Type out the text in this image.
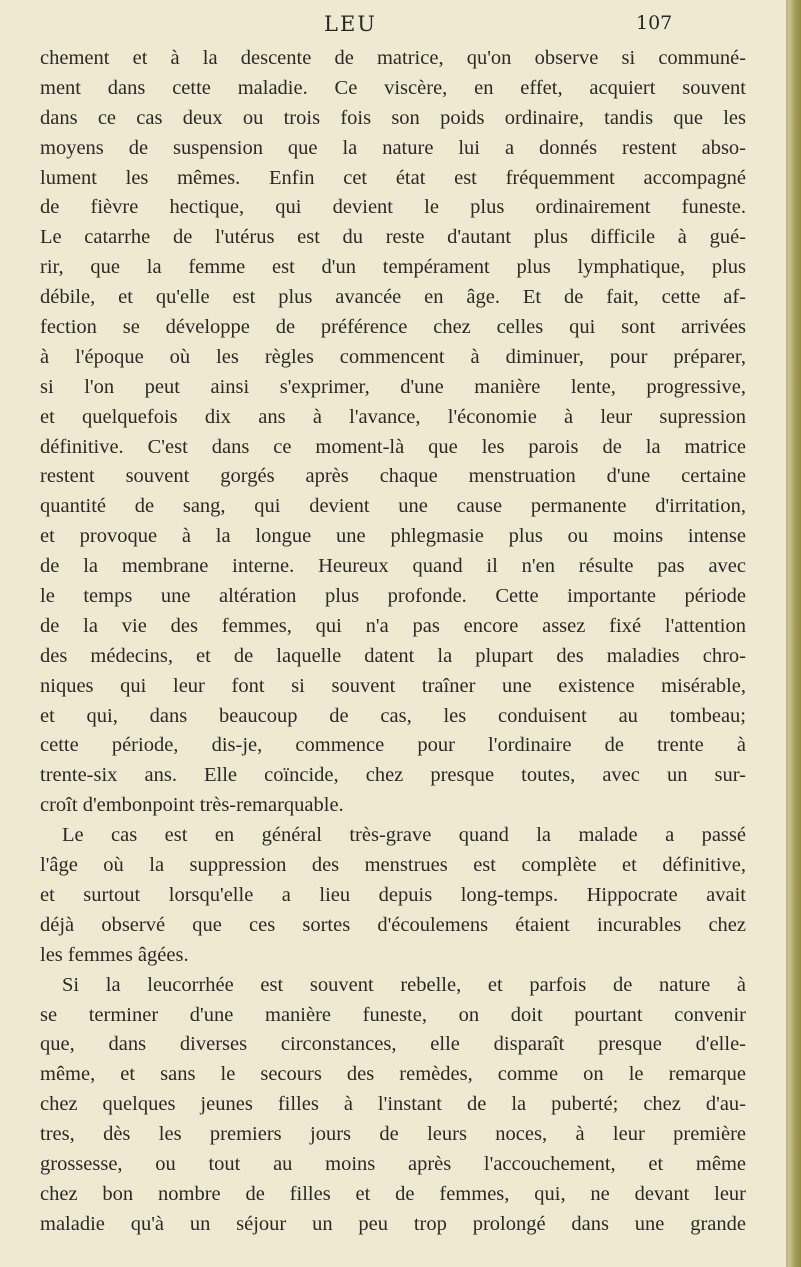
LEU	107
chement et à la descente de matrice, qu'on observe si communé-
ment dans cette maladie. Ce viscère, en effet, acquiert souvent
dans ce cas deux ou trois fois son poids ordinaire, tandis que les
moyens de suspension que la nature lui a donnés restent abso-
lument les mêmes. Enfin cet état est fréquemment accompagné
de fièvre hectique, qui devient le plus ordinairement funeste.
Le catarrhe de l'utérus est du reste d'autant plus difficile à gué-
rir, que la femme est d'un tempérament plus lymphatique, plus
débile, et qu'elle est plus avancée en âge. Et de fait, cette af-
fection se développe de préférence chez celles qui sont arrivées
à l'époque où les règles commencent à diminuer, pour préparer,
si l'on peut ainsi s'exprimer, d'une manière lente, progressive,
et quelquefois dix ans à l'avance, l'économie à leur supression
définitive. C'est dans ce moment-là que les parois de la matrice
restent souvent gorgés après chaque menstruation d'une certaine
quantité de sang, qui devient une cause permanente d'irritation,
et provoque à la longue une phlegmasie plus ou moins intense
de la membrane interne. Heureux quand il n'en résulte pas avec
le temps une altération plus profonde. Cette importante période
de la vie des femmes, qui n'a pas encore assez fixé l'attention
des médecins, et de laquelle datent la plupart des maladies chro-
niques qui leur font si souvent traîner une existence misérable,
et qui, dans beaucoup de cas, les conduisent au tombeau;
cette période, dis-je, commence pour l'ordinaire de trente à
trente-six ans. Elle coïncide, chez presque toutes, avec un sur-
croît d'embonpoint très-remarquable.
Le cas est en général très-grave quand la malade a passé
l'âge où la suppression des menstrues est complète et définitive,
et surtout lorsqu'elle a lieu depuis long-temps. Hippocrate avait
déjà observé que ces sortes d'écoulemens étaient incurables chez
les femmes âgées.
Si la leucorrhée est souvent rebelle, et parfois de nature à
se terminer d'une manière funeste, on doit pourtant convenir
que, dans diverses circonstances, elle disparaît presque d'elle-
même, et sans le secours des remèdes, comme on le remarque
chez quelques jeunes filles à l'instant de la puberté; chez d'au-
tres, dès les premiers jours de leurs noces, à leur première
grossesse, ou tout au moins après l'accouchement, et même
chez bon nombre de filles et de femmes, qui, ne devant leur
maladie qu'à un séjour un peu trop prolongé dans une grande
